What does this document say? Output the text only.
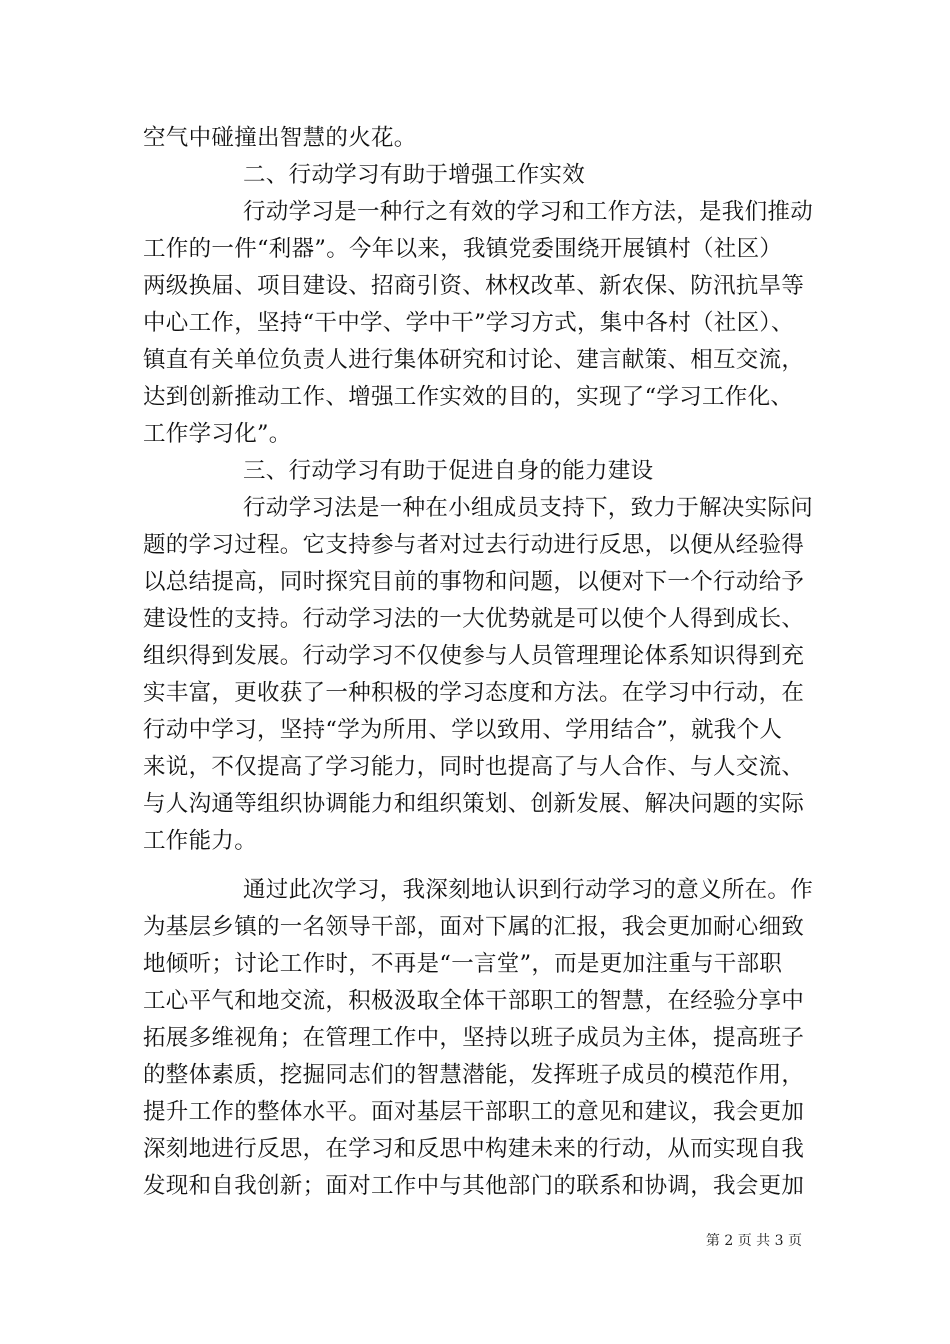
空气中碰撞出智慧的火花。
二、行动学习有助于增强工作实效
行动学习是一种行之有效的学习和工作方法，是我们推动
工作的一件“利器”。今年以来，我镇党委围绕开展镇村（社区）
两级换届、项目建设、招商引资、林权改革、新农保、防汛抗旱等
中心工作，坚持“干中学、学中干”学习方式，集中各村（社区）、
镇直有关单位负责人进行集体研究和讨论、建言献策、相互交流，
达到创新推动工作、增强工作实效的目的，实现了“学习工作化、
工作学习化”。
三、行动学习有助于促进自身的能力建设
行动学习法是一种在小组成员支持下，致力于解决实际问
题的学习过程。它支持参与者对过去行动进行反思，以便从经验得
以总结提高，同时探究目前的事物和问题，以便对下一个行动给予
建设性的支持。行动学习法的一大优势就是可以使个人得到成长、
组织得到发展。行动学习不仅使参与人员管理理论体系知识得到充
实丰富，更收获了一种积极的学习态度和方法。在学习中行动，在
行动中学习，坚持“学为所用、学以致用、学用结合”，就我个人
来说，不仅提高了学习能力，同时也提高了与人合作、与人交流、
与人沟通等组织协调能力和组织策划、创新发展、解决问题的实际
工作能力。
通过此次学习，我深刻地认识到行动学习的意义所在。作
为基层乡镇的一名领导干部，面对下属的汇报，我会更加耐心细致
地倾听；讨论工作时，不再是“一言堂”，而是更加注重与干部职
工心平气和地交流，积极汲取全体干部职工的智慧，在经验分享中
拓展多维视角；在管理工作中，坚持以班子成员为主体，提高班子
的整体素质，挖掘同志们的智慧潜能，发挥班子成员的模范作用，
提升工作的整体水平。面对基层干部职工的意见和建议，我会更加
深刻地进行反思，在学习和反思中构建未来的行动，从而实现自我
发现和自我创新；面对工作中与其他部门的联系和协调，我会更加
第 2 页 共 3 页
